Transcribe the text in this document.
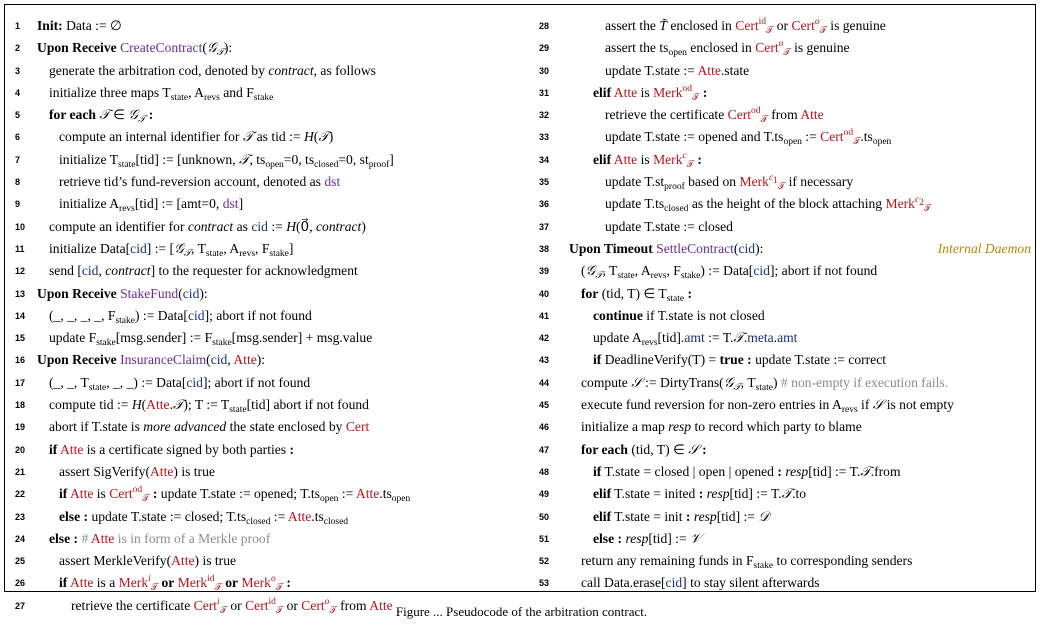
1	Init: Data := ∅
2	Upon Receive CreateContract(𝒢$_𝒯$):
3	generate the arbitration cod, denoted by contract, as follows
4	initialize three maps $T_{state}$, $A_{revs}$ and $F_{stake}$
5	for each 𝒯 ∈ 𝒢$_𝒯$ :
6	compute an internal identifier for 𝒯 as tid := H(𝒯)
7	initialize $T_{state}[tid]$ := [unknown, 𝒯, $ts_{open}=0$, $ts_{closed}=0$, $st_{proof}$]
8	retrieve tid’s fund-reversion account, denoted as dst
9	initialize $A_{revs}[tid]$ := [amt=0, dst]
10	compute an identifier for contract as cid := H(0⃗, contract)
11	initialize Data[cid] := [𝒢$_𝒯$, $T_{state}$, $A_{revs}$, $F_{stake}$]
12	send [cid, contract] to the requester for acknowledgment
13 Upon Receive StakeFund(cid):
14	(_, _, _, _, $F_{stake}$) := Data[cid]; abort if not found
15	update $F_{stake}[msg.sender]$ := $F_{stake}[msg.sender]$ + msg.value
16 Upon Receive InsuranceClaim(cid, Atte):
17	(_, _, $T_{state}$, _, _) := Data[cid]; abort if not found
18	compute tid := H(Atte.𝒯); T := $T_{state}[tid]$ abort if not found
19	abort if T.state is more advanced the state enclosed by Cert
20	if Atte is a certificate signed by both parties :
21	assert SigVerify(Atte) is true
22	if Atte is Cert$^{od}_𝒯$ : update T.state := opened; $T.ts_{open}$ := $Atte.ts_{open}$
23	else : update T.state := closed; $T.ts_{closed}$ := $Atte.ts_{closed}$
24	else : # Atte is in form of a Merkle proof
25	assert MerkleVerify(Atte) is true
26	if Atte is a Merk$^i_𝒯$ or Merk$^{id}_𝒯$ or Merk$^o_𝒯$ :
27	retrieve the certificate Cert$^i_𝒯$ or Cert$^{id}_𝒯$ or Cert$^o_𝒯$ from Atte
28	assert the T̃ enclosed in Cert$^{id}_𝒯$ or Cert$^o_𝒯$ is genuine
29	assert the $ts_{open}$ enclosed in Cert$^o_𝒯$ is genuine
30	update T.state := Atte.state
31	elif Atte is Merk$^{od}_𝒯$ :
32	retrieve the certificate Cert$^{od}_𝒯$ from Atte
33	update T.state := opened and $T.ts_{open}$ := $Cert^{od}_𝒯.ts_{open}$
34	elif Atte is Merk$^c_𝒯$ :
35	update $T.st_{proof}$ based on Merk$^{c_1}_𝒯$ if necessary
36	update $T.ts_{closed}$ as the height of the block attaching Merk$^{c_2}_𝒯$
37	update T.state := closed
38	Upon Timeout SettleContract(cid):	Internal Daemon
39	(𝒢$_𝒯$, $T_{state}$, $A_{revs}$, $F_{stake}$) := Data[cid]; abort if not found
40	for (tid, T) ∈ $T_{state}$ :
41	continue if T.state is not closed
42	update $A_{revs}[tid].amt$ := T.𝒯.meta.amt
43	if DeadlineVerify(T) = true : update T.state := correct
44	compute 𝒮 := DirtyTrans(𝒢$_𝒯$, $T_{state}$) # non-empty if execution fails.
45	execute fund reversion for non-zero entries in $A_{revs}$ if 𝒮 is not empty
46	initialize a map resp to record which party to blame
47	for each (tid, T) ∈ 𝒮 :
48	if T.state = closed | open | opened : resp[tid] := T.𝒯.from
49	elif T.state = inited : resp[tid] := T.𝒯.to
50	elif T.state = init : resp[tid] := 𝒟
51	else : resp[tid] := 𝒱
52	return any remaining funds in $F_{stake}$ to corresponding senders
53	call Data.erase[cid] to stay silent afterwards
Figure ... Pseudocode of the arbitration contract.
